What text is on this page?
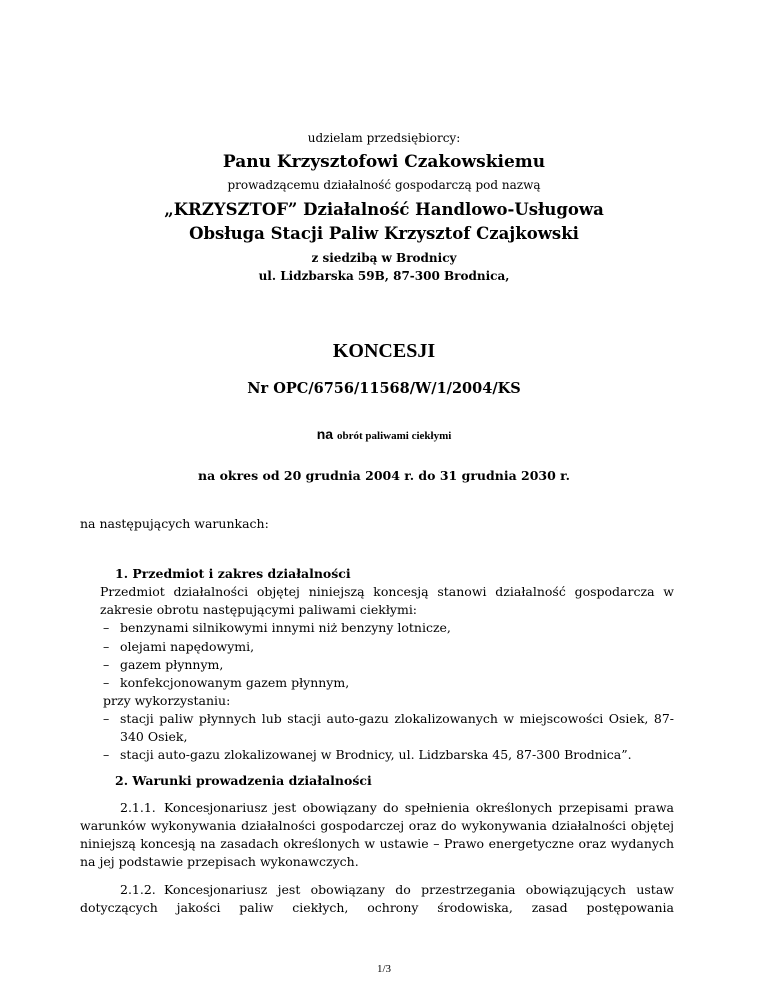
udzielam przedsiębiorcy:

Panu Krzysztofowi Czakowskiemu

prowadzącemu działalność gospodarczą pod nazwą

„KRZYSZTOF” Działalność Handlowo-Usługowa

Obsługa Stacji Paliw Krzysztof Czajkowski

z siedzibą w Brodnicy

ul. Lidzbarska 59B, 87-300 Brodnica,

KONCESJI

Nr OPC/6756/11568/W/1/2004/KS

na obrót paliwami ciekłymi

na okres od 20 grudnia 2004 r. do 31 grudnia 2030 r.

na następujących warunkach:

1. Przedmiot i zakres działalności

Przedmiot działalności objętej niniejszą koncesją stanowi działalność gospodarcza w zakresie obrotu następującymi paliwami ciekłymi:

– benzynami silnikowymi innymi niż benzyny lotnicze,
– olejami napędowymi,
– gazem płynnym,
– konfekcjonowanym gazem płynnym,

przy wykorzystaniu:

– stacji paliw płynnych lub stacji auto-gazu zlokalizowanych w miejscowości Osiek, 87-340 Osiek,
– stacji auto-gazu zlokalizowanej w Brodnicy, ul. Lidzbarska 45, 87-300 Brodnica”.

2. Warunki prowadzenia działalności

2.1.1. Koncesjonariusz jest obowiązany do spełnienia określonych przepisami prawa warunków wykonywania działalności gospodarczej oraz do wykonywania działalności objętej niniejszą koncesją na zasadach określonych w ustawie – Prawo energetyczne oraz wydanych na jej podstawie przepisach wykonawczych.

2.1.2. Koncesjonariusz jest obowiązany do przestrzegania obowiązujących ustaw dotyczących jakości paliw ciekłych, ochrony środowiska, zasad postępowania

1/3
